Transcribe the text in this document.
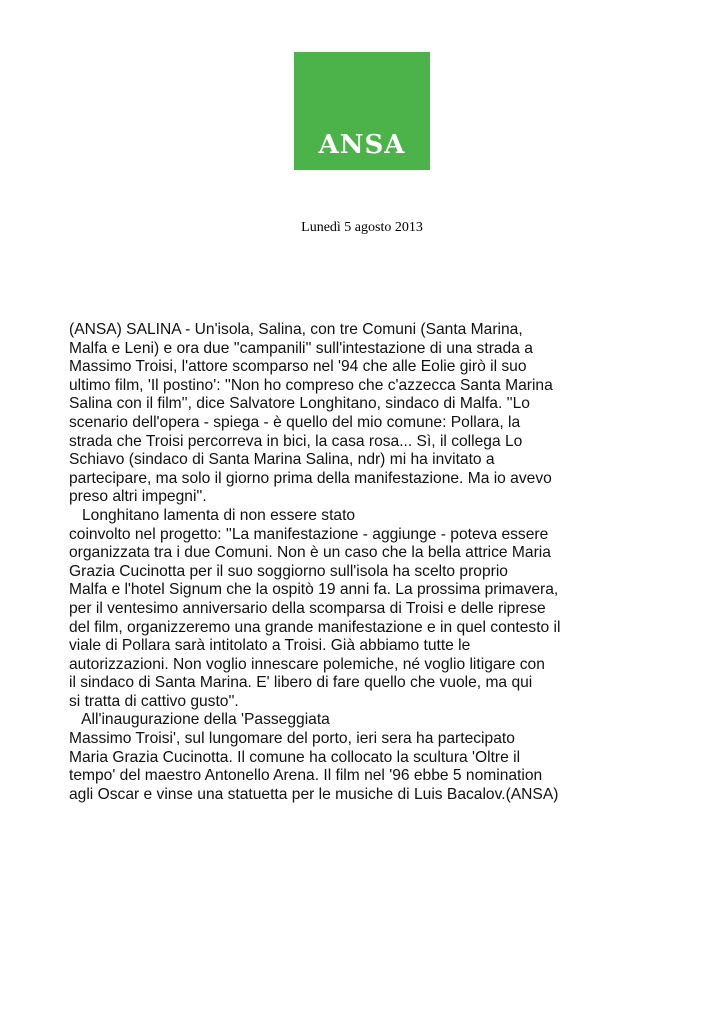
ANSA
Lunedì 5 agosto 2013
(ANSA) SALINA - Un'isola, Salina, con tre Comuni (Santa Marina,
Malfa e Leni) e ora due ''campanili'' sull'intestazione di una strada a
Massimo Troisi, l'attore scomparso nel '94 che alle Eolie girò il suo
ultimo film, 'Il postino': ''Non ho compreso che c'azzecca Santa Marina
Salina con il film'', dice Salvatore Longhitano, sindaco di Malfa. ''Lo
scenario dell'opera - spiega - è quello del mio comune: Pollara, la
strada che Troisi percorreva in bici, la casa rosa... Sì, il collega Lo
Schiavo (sindaco di Santa Marina Salina, ndr) mi ha invitato a
partecipare, ma solo il giorno prima della manifestazione. Ma io avevo
preso altri impegni''.
Longhitano lamenta di non essere stato
coinvolto nel progetto: ''La manifestazione - aggiunge - poteva essere
organizzata tra i due Comuni. Non è un caso che la bella attrice Maria
Grazia Cucinotta per il suo soggiorno sull'isola ha scelto proprio
Malfa e l'hotel Signum che la ospitò 19 anni fa. La prossima primavera,
per il ventesimo anniversario della scomparsa di Troisi e delle riprese
del film, organizzeremo una grande manifestazione e in quel contesto il
viale di Pollara sarà intitolato a Troisi. Già abbiamo tutte le
autorizzazioni. Non voglio innescare polemiche, né voglio litigare con
il sindaco di Santa Marina. E' libero di fare quello che vuole, ma qui
si tratta di cattivo gusto''.
All'inaugurazione della 'Passeggiata
Massimo Troisi', sul lungomare del porto, ieri sera ha partecipato
Maria Grazia Cucinotta. Il comune ha collocato la scultura 'Oltre il
tempo' del maestro Antonello Arena. Il film nel '96 ebbe 5 nomination
agli Oscar e vinse una statuetta per le musiche di Luis Bacalov.(ANSA)
